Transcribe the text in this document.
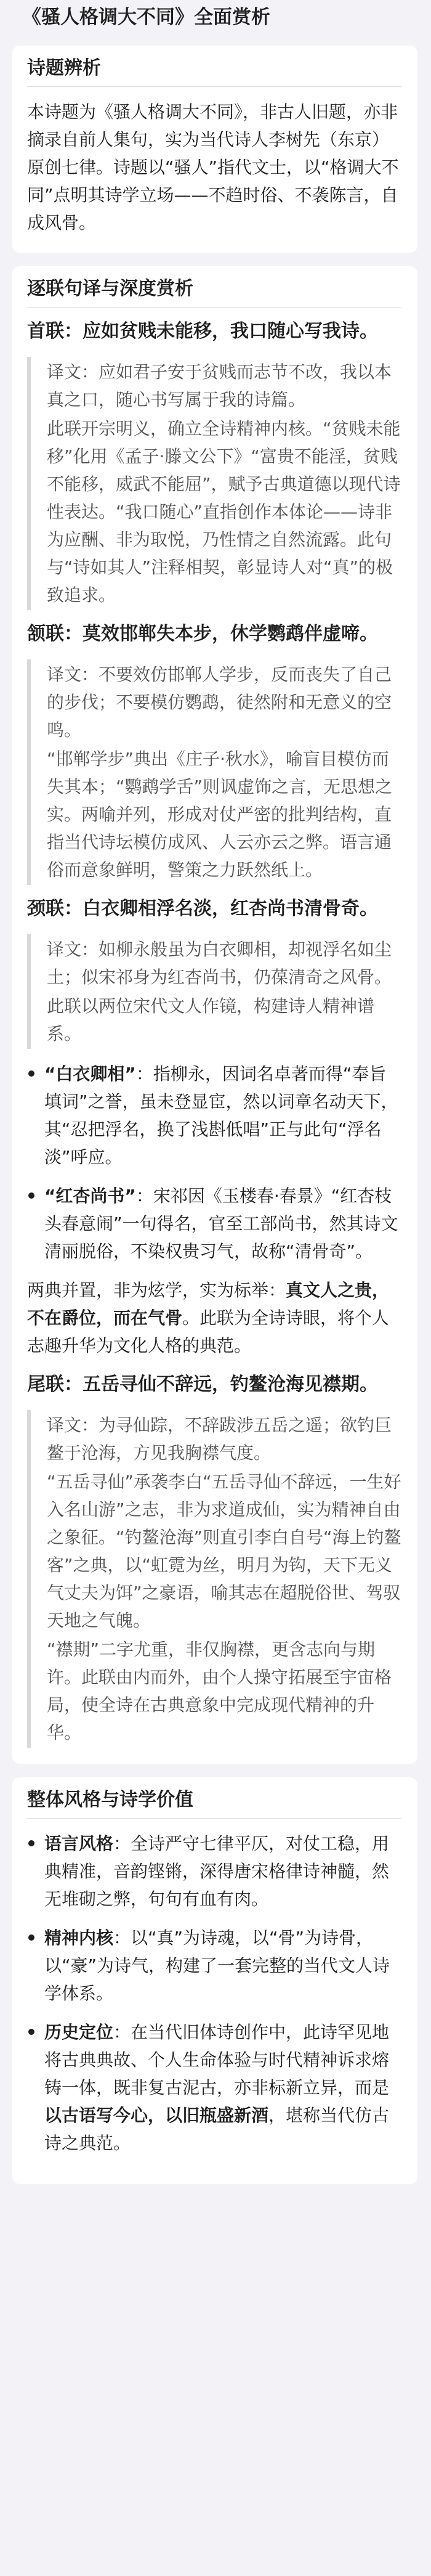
《骚人格调大不同》全面赏析
诗题辨析

本诗题为《骚人格调大不同》，非古人旧题，亦非摘录自前人集句，实为当代诗人李树先（东京）原创七律。诗题以“骚人”指代文士，以“格调大不同”点明其诗学立场——不趋时俗、不袭陈言，自成风骨。

逐联句译与深度赏析
首联：应如贫贱未能移，我口随心写我诗。

译文：应如君子安于贫贱而志节不改，我以本真之口，随心书写属于我的诗篇。

此联开宗明义，确立全诗精神内核。“贫贱未能移”化用《孟子·滕文公下》“富贵不能淫，贫贱不能移，威武不能屈”，赋予古典道德以现代诗性表达。“我口随心”直指创作本体论——诗非为应酬、非为取悦，乃性情之自然流露。此句与“诗如其人”注释相契，彰显诗人对“真”的极致追求。

颔联：莫效邯郸失本步，休学鹦鹉伴虚啼。

译文：不要效仿邯郸人学步，反而丧失了自己的步伐；不要模仿鹦鹉，徒然附和无意义的空鸣。

“邯郸学步”典出《庄子·秋水》，喻盲目模仿而失其本；“鹦鹉学舌”则讽虚饰之言，无思想之实。两喻并列，形成对仗严密的批判结构，直指当代诗坛模仿成风、人云亦云之弊。语言通俗而意象鲜明，警策之力跃然纸上。

颈联：白衣卿相浮名淡，红杏尚书清骨奇。

译文：如柳永般虽为白衣卿相，却视浮名如尘土；似宋祁身为红杏尚书，仍葆清奇之风骨。

此联以两位宋代文人作镜，构建诗人精神谱系。

“白衣卿相”：指柳永，因词名卓著而得“奉旨填词”之誉，虽未登显宦，然以词章名动天下，其“忍把浮名，换了浅斟低唱”正与此句“浮名淡”呼应。

“红杏尚书”：宋祁因《玉楼春·春景》“红杏枝头春意闹”一句得名，官至工部尚书，然其诗文清丽脱俗，不染权贵习气，故称“清骨奇”。

两典并置，非为炫学，实为标举：真文人之贵，不在爵位，而在气骨。此联为全诗诗眼，将个人志趣升华为文化人格的典范。

尾联：五岳寻仙不辞远，钓鳌沧海见襟期。

译文：为寻仙踪，不辞跋涉五岳之遥；欲钓巨鳌于沧海，方见我胸襟气度。

“五岳寻仙”承袭李白“五岳寻仙不辞远，一生好入名山游”之志，非为求道成仙，实为精神自由之象征。“钓鳌沧海”则直引李白自号“海上钓鳌客”之典，以“虹霓为丝，明月为钩，天下无义气丈夫为饵”之豪语，喻其志在超脱俗世、驾驭天地之气魄。

“襟期”二字尤重，非仅胸襟，更含志向与期许。此联由内而外，由个人操守拓展至宇宙格局，使全诗在古典意象中完成现代精神的升华。

整体风格与诗学价值

语言风格：全诗严守七律平仄，对仗工稳，用典精准，音韵铿锵，深得唐宋格律诗神髓，然无堆砌之弊，句句有血有肉。

精神内核：以“真”为诗魂，以“骨”为诗骨，以“豪”为诗气，构建了一套完整的当代文人诗学体系。

历史定位：在当代旧体诗创作中，此诗罕见地将古典典故、个人生命体验与时代精神诉求熔铸一体，既非复古泥古，亦非标新立异，而是以古语写今心，以旧瓶盛新酒，堪称当代仿古诗之典范。
